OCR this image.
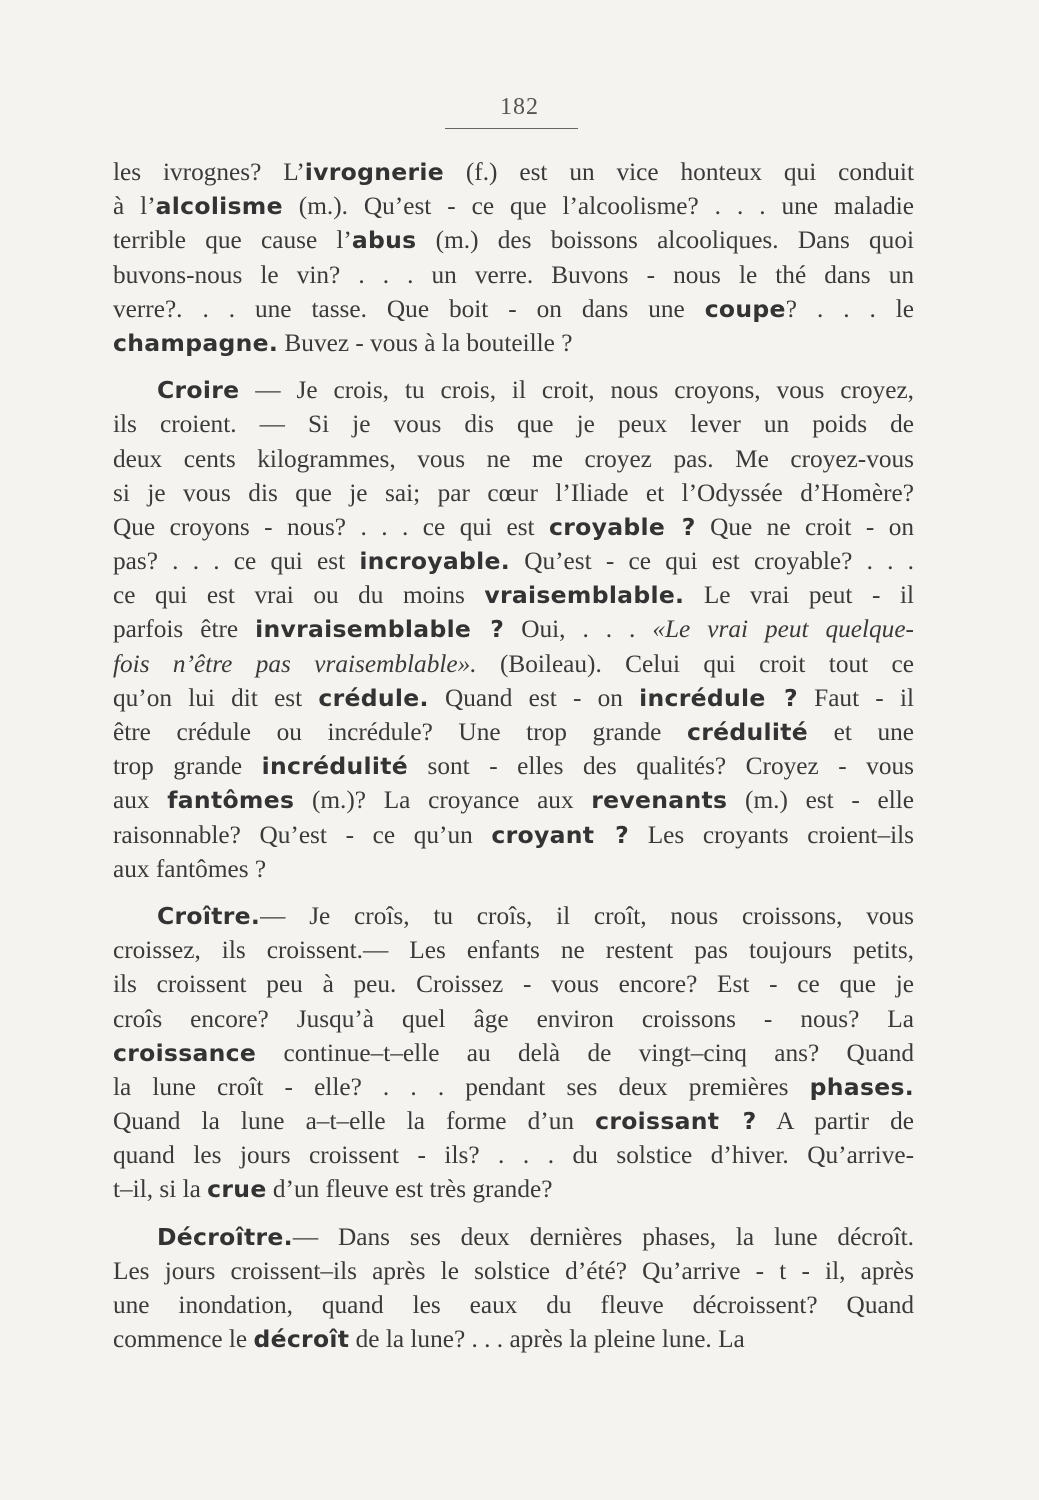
182
les ivrognes? L’ivrognerie (f.) est un vice honteux qui conduit
à l’alcolisme (m.). Qu’est - ce que l’alcoolisme? . . . une maladie
terrible que cause l’abus (m.) des boissons alcooliques. Dans quoi
buvons-nous le vin? . . . un verre. Buvons - nous le thé dans un
verre?. . . une tasse. Que boit - on dans une coupe? . . . le
champagne. Buvez - vous à la bouteille ?
Croire — Je crois, tu crois, il croit, nous croyons, vous croyez,
ils croient. — Si je vous dis que je peux lever un poids de
deux cents kilogrammes, vous ne me croyez pas. Me croyez-vous
si je vous dis que je sai; par cœur l’Iliade et l’Odyssée d’Homère?
Que croyons - nous? . . . ce qui est croyable ? Que ne croit - on
pas? . . . ce qui est incroyable. Qu’est - ce qui est croyable? . . .
ce qui est vrai ou du moins vraisemblable. Le vrai peut - il
parfois être invraisemblable ? Oui, . . . «Le vrai peut quelque-
fois n’être pas vraisemblable». (Boileau). Celui qui croit tout ce
qu’on lui dit est crédule. Quand est - on incrédule ? Faut - il
être crédule ou incrédule? Une trop grande crédulité et une
trop grande incrédulité sont - elles des qualités? Croyez - vous
aux fantômes (m.)? La croyance aux revenants (m.) est - elle
raisonnable? Qu’est - ce qu’un croyant ? Les croyants croient–ils
aux fantômes ?
Croître.— Je croîs, tu croîs, il croît, nous croissons, vous
croissez, ils croissent.— Les enfants ne restent pas toujours petits,
ils croissent peu à peu. Croissez - vous encore? Est - ce que je
croîs encore? Jusqu’à quel âge environ croissons - nous? La
croissance continue–t–elle au delà de vingt–cinq ans? Quand
la lune croît - elle? . . . pendant ses deux premières phases.
Quand la lune a–t–elle la forme d’un croissant ? A partir de
quand les jours croissent - ils? . . . du solstice d’hiver. Qu’arrive-
t–il, si la crue d’un fleuve est très grande?
Décroître.— Dans ses deux dernières phases, la lune décroît.
Les jours croissent–ils après le solstice d’été? Qu’arrive - t - il, après
une inondation, quand les eaux du fleuve décroissent? Quand
commence le décroît de la lune? . . . après la pleine lune. La
